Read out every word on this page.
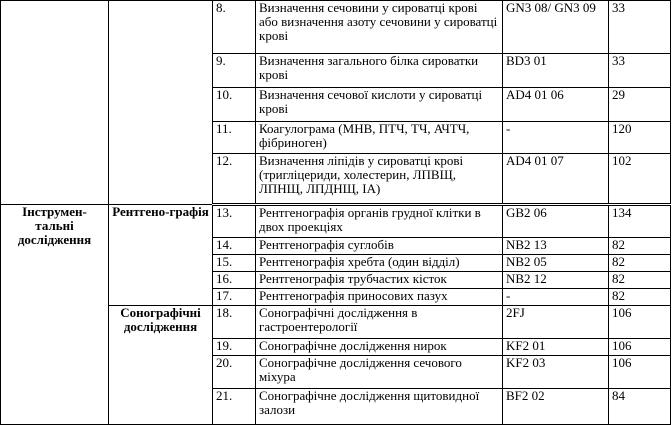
		8.	Визначення сечовини у сироватці крові або визначення азоту сечовини у сироватці крові	GN3 08/ GN3 09	33
		9.	Визначення загального білка сироватки крові	BD3 01	33
		10.	Визначення сечової кислоти у сироватці крові	AD4 01 06	29
		11.	Коагулограма (МНВ, ПТЧ, ТЧ, АЧТЧ, фібриноген)	-	120
		12.	Визначення ліпідів у сироватці крові (тригліцериди, холестерин, ЛПВЩ, ЛПНЩ, ЛПДНЩ, ІА)	AD4 01 07	102
Інструмен-тальні дослідження	Рентгено-графія	13.	Рентгенографія органів грудної клітки в двох проекціях	GB2 06	134
		14.	Рентгенографія суглобів	NB2 13	82
		15.	Рентгенографія хребта (один відділ)	NB2 05	82
		16.	Рентгенографія трубчастих кісток	NB2 12	82
		17.	Рентгенографія приносових пазух	-	82
	Сонографічні дослідження	18.	Сонографічні дослідження в гастроентерології	2FJ	106
		19.	Сонографічне дослідження нирок	KF2 01	106
		20.	Сонографічне дослідження сечового міхура	KF2 03	106
		21.	Сонографічне дослідження щитовидної залози	BF2 02	84
